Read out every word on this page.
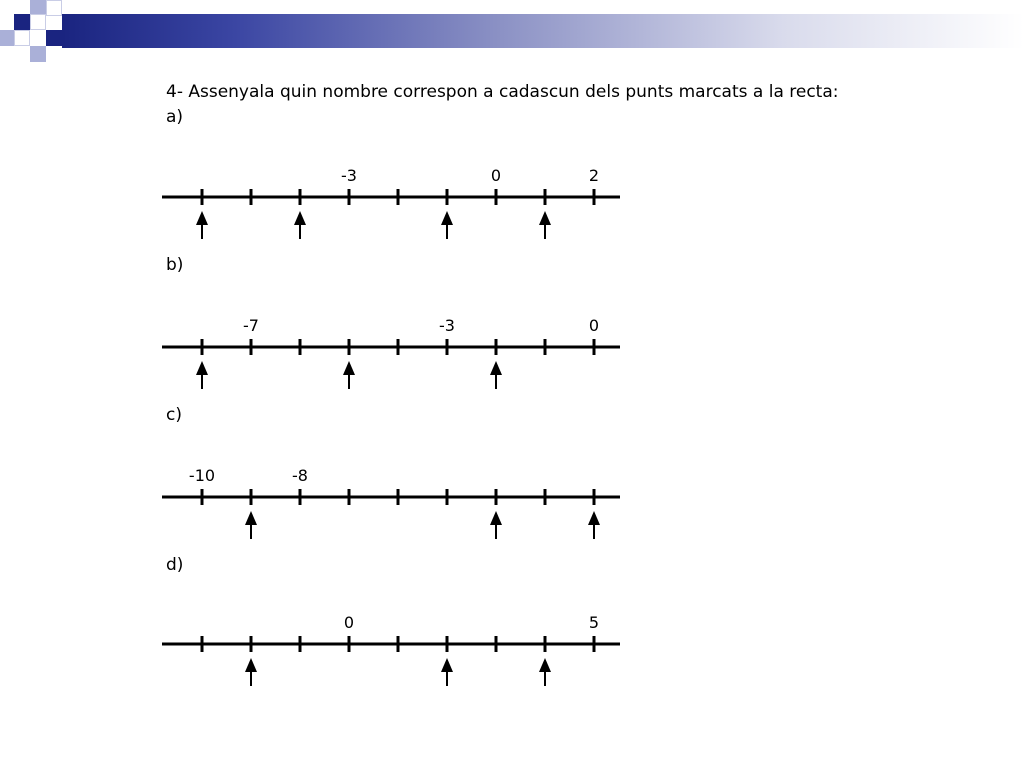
4- Assenyala quin nombre correspon a cadascun dels punts marcats a la recta:
a)
-3	0	2
b)
-7	-3	0
c)
-10	-8
d)
0	5
